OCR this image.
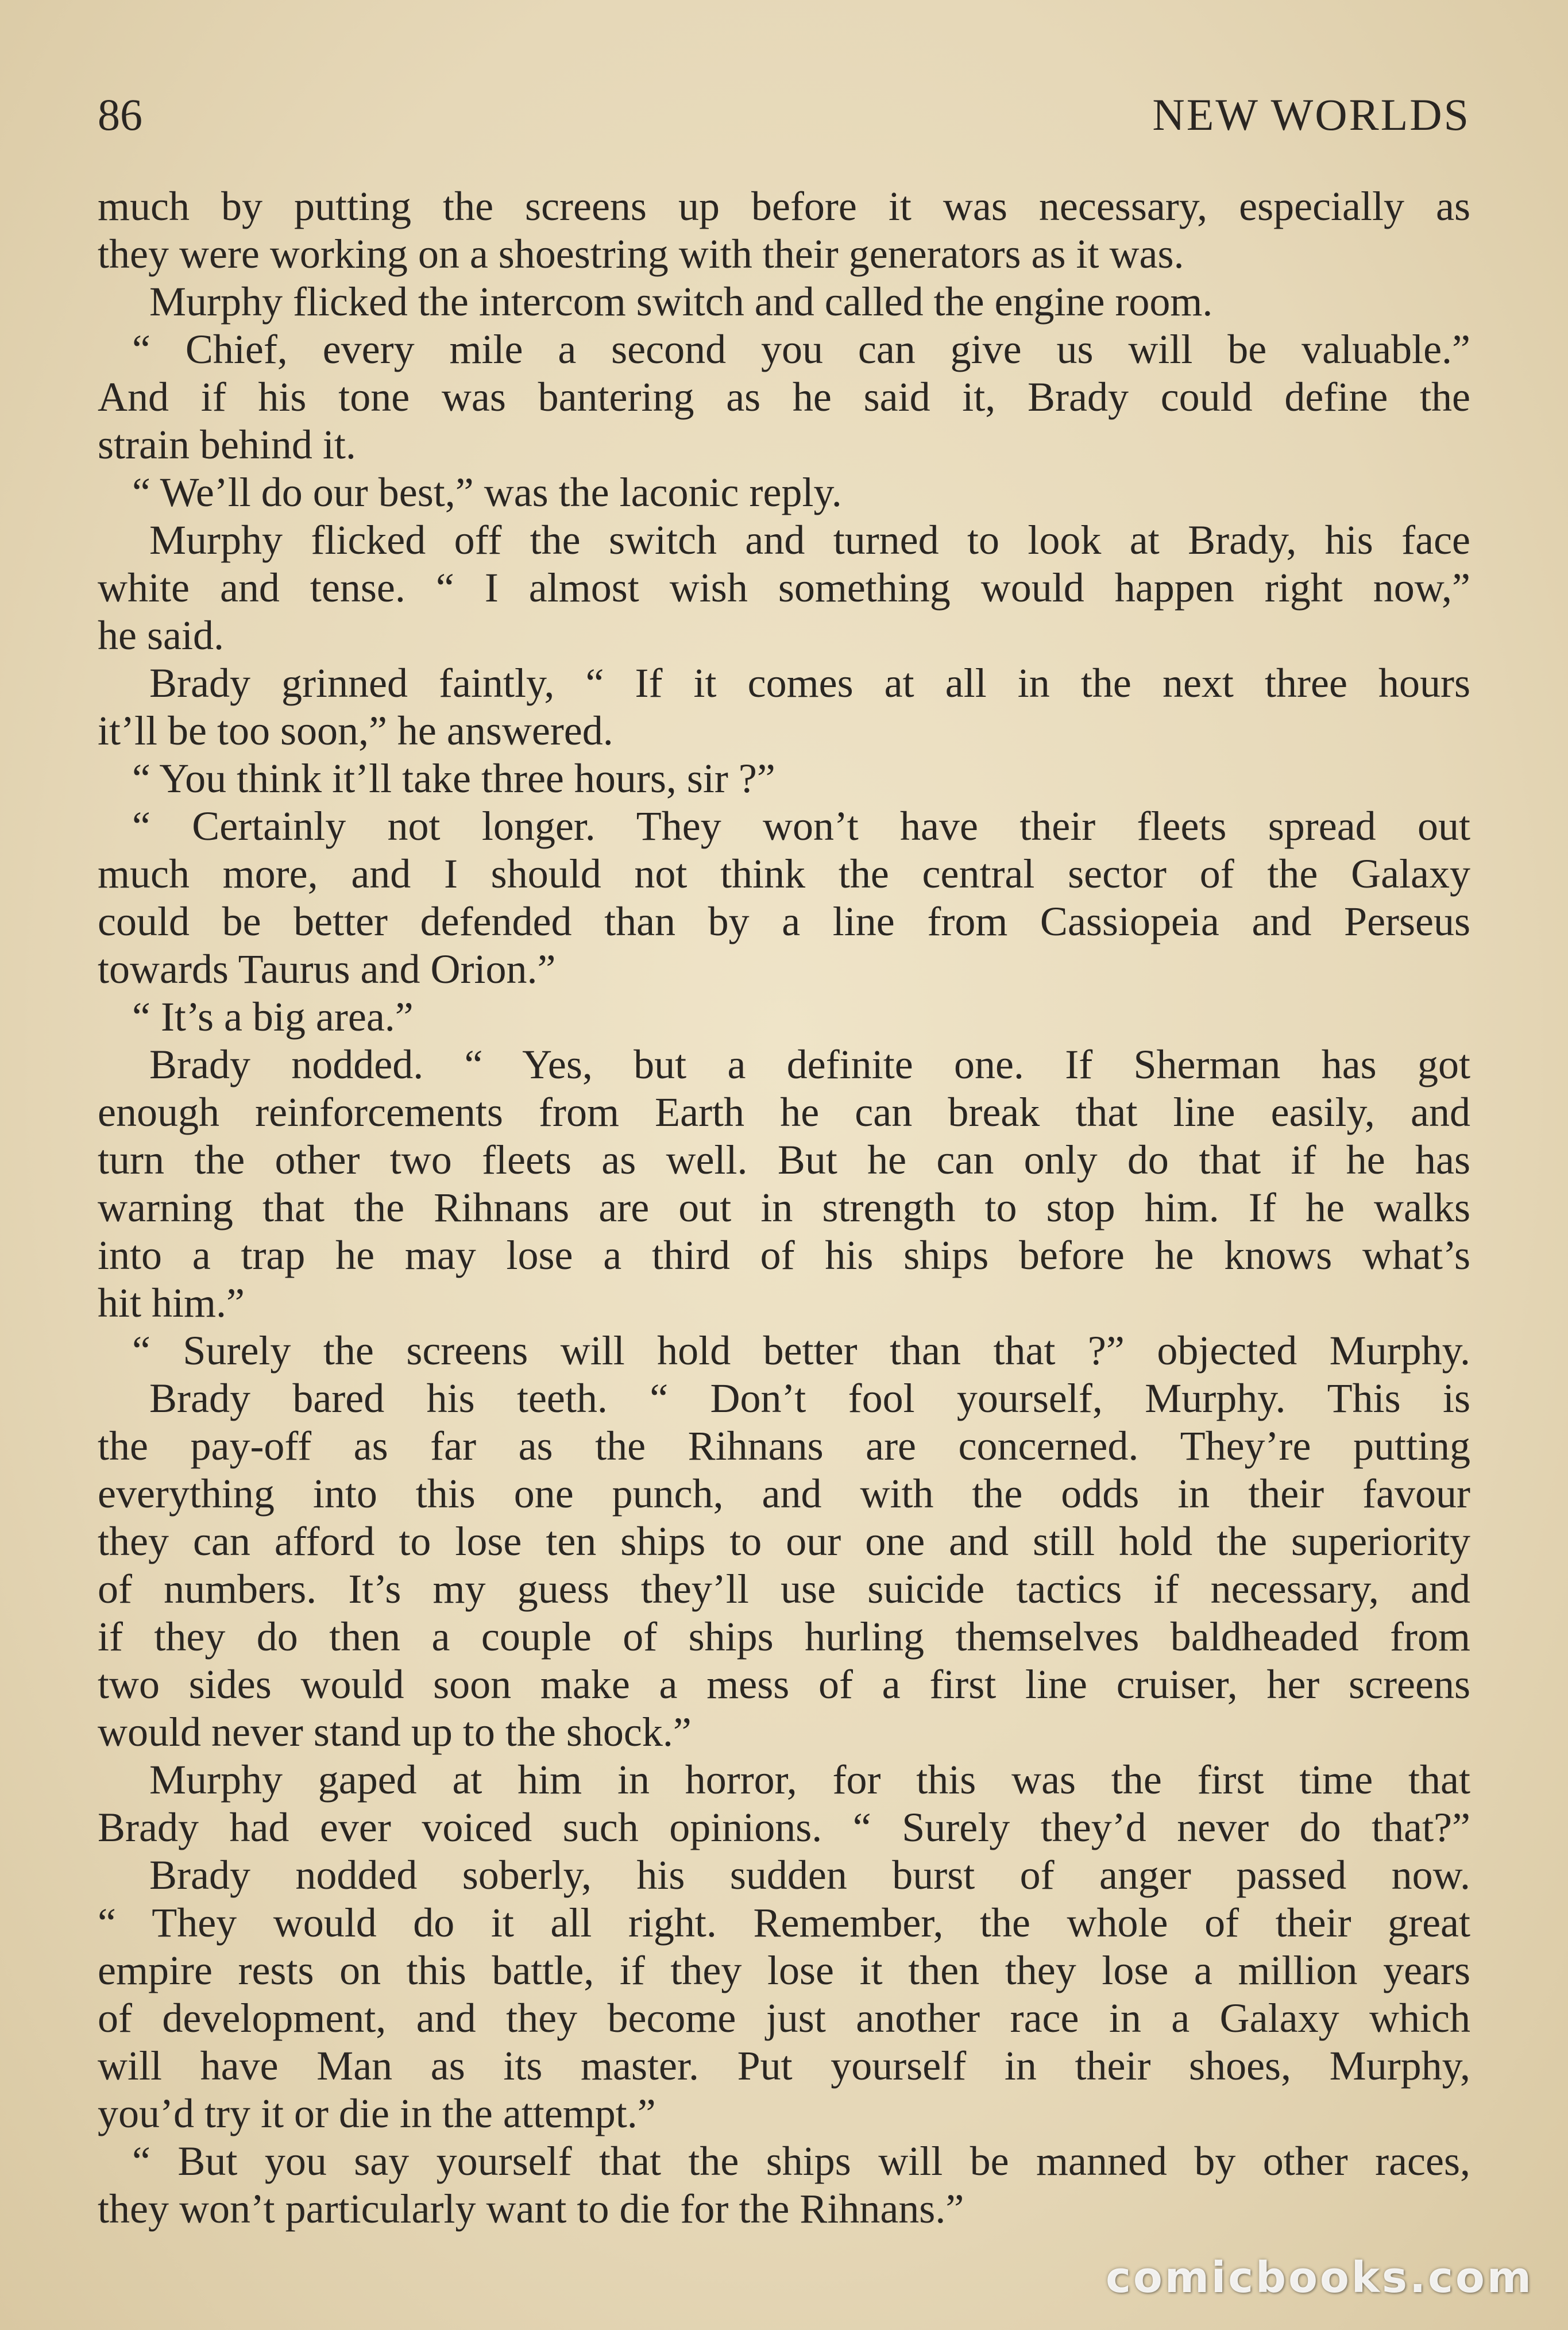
86	NEW WORLDS
much by putting the screens up before it was necessary, especially as
they were working on a shoestring with their generators as it was.
Murphy flicked the intercom switch and called the engine room.
“ Chief, every mile a second you can give us will be valuable.”
And if his tone was bantering as he said it, Brady could define the
strain behind it.
“ We’ll do our best,” was the laconic reply.
Murphy flicked off the switch and turned to look at Brady, his face
white and tense. “ I almost wish something would happen right now,”
he said.
Brady grinned faintly, “ If it comes at all in the next three hours
it’ll be too soon,” he answered.
“ You think it’ll take three hours, sir ?”
“ Certainly not longer. They won’t have their fleets spread out
much more, and I should not think the central sector of the Galaxy
could be better defended than by a line from Cassiopeia and Perseus
towards Taurus and Orion.”
“ It’s a big area.”
Brady nodded. “ Yes, but a definite one. If Sherman has got
enough reinforcements from Earth he can break that line easily, and
turn the other two fleets as well. But he can only do that if he has
warning that the Rihnans are out in strength to stop him. If he walks
into a trap he may lose a third of his ships before he knows what’s
hit him.”
“ Surely the screens will hold better than that ?” objected Murphy.
Brady bared his teeth. “ Don’t fool yourself, Murphy. This is
the pay-off as far as the Rihnans are concerned. They’re putting
everything into this one punch, and with the odds in their favour
they can afford to lose ten ships to our one and still hold the superiority
of numbers. It’s my guess they’ll use suicide tactics if necessary, and
if they do then a couple of ships hurling themselves baldheaded from
two sides would soon make a mess of a first line cruiser, her screens
would never stand up to the shock.”
Murphy gaped at him in horror, for this was the first time that
Brady had ever voiced such opinions. “ Surely they’d never do that?”
Brady nodded soberly, his sudden burst of anger passed now.
“ They would do it all right. Remember, the whole of their great
empire rests on this battle, if they lose it then they lose a million years
of development, and they become just another race in a Galaxy which
will have Man as its master. Put yourself in their shoes, Murphy,
you’d try it or die in the attempt.”
“ But you say yourself that the ships will be manned by other races,
they won’t particularly want to die for the Rihnans.”
comicbooks.com
